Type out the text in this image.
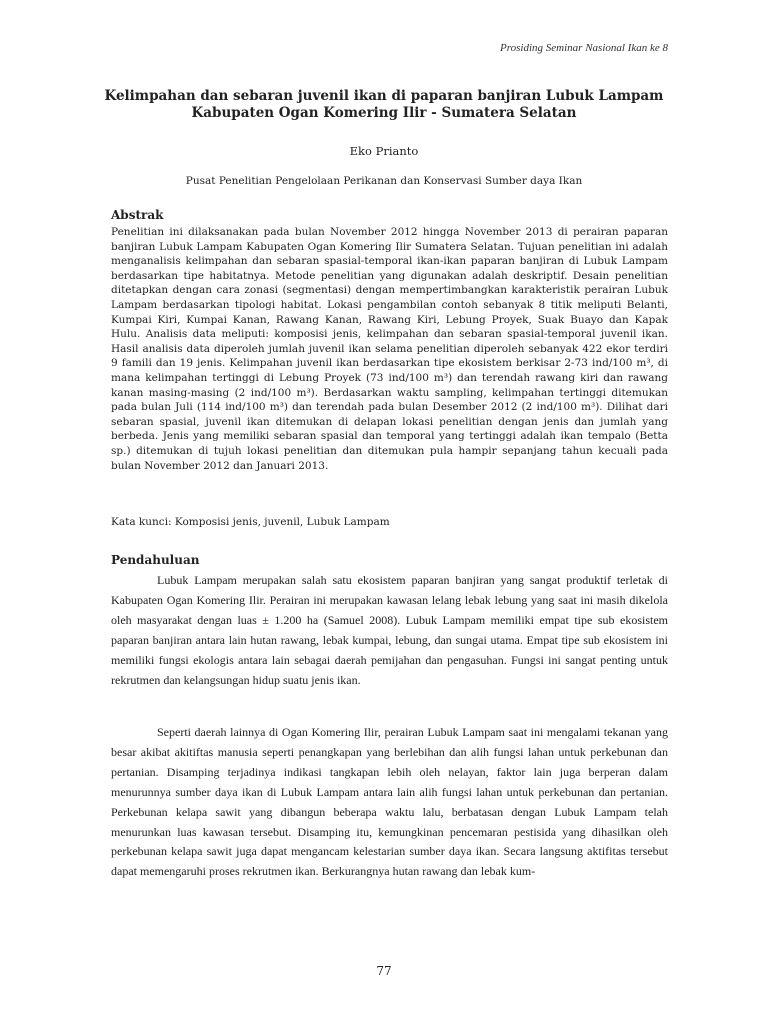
Prosiding Seminar Nasional Ikan ke 8
Kelimpahan dan sebaran juvenil ikan di paparan banjiran Lubuk Lampam
Kabupaten Ogan Komering Ilir - Sumatera Selatan
Eko Prianto
Pusat Penelitian Pengelolaan Perikanan dan Konservasi Sumber daya Ikan
Abstrak

Penelitian ini dilaksanakan pada bulan November 2012 hingga November 2013 di perairan paparan banjiran Lubuk Lampam Kabupaten Ogan Komering Ilir Sumatera Selatan. Tujuan penelitian ini adalah menganalisis kelimpahan dan sebaran spasial-temporal ikan-ikan paparan banjiran di Lubuk Lampam berdasarkan tipe habitatnya. Metode penelitian yang digunakan adalah deskriptif. Desain penelitian ditetapkan dengan cara zonasi (segmentasi) dengan mempertimbangkan karakteristik perairan Lubuk Lampam berdasarkan tipologi habitat. Lokasi pengambilan contoh sebanyak 8 titik meliputi Belanti, Kumpai Kiri, Kumpai Kanan, Rawang Kanan, Rawang Kiri, Lebung Proyek, Suak Buayo dan Kapak Hulu. Analisis data meliputi: komposisi jenis, kelimpahan dan sebaran spasial-temporal juvenil ikan. Hasil analisis data diperoleh jumlah juvenil ikan selama penelitian diperoleh sebanyak 422 ekor terdiri 9 famili dan 19 jenis. Kelimpahan juvenil ikan berdasarkan tipe ekosistem berkisar 2-73 ind/100 m³, di mana kelimpahan tertinggi di Lebung Proyek (73 ind/100 m³) dan terendah rawang kiri dan rawang kanan masing-masing (2 ind/100 m³). Berdasarkan waktu sampling, kelimpahan tertinggi ditemukan pada bulan Juli (114 ind/100 m³) dan terendah pada bulan Desember 2012 (2 ind/100 m³). Dilihat dari sebaran spasial, juvenil ikan ditemukan di delapan lokasi penelitian dengan jenis dan jumlah yang berbeda. Jenis yang memiliki sebaran spasial dan temporal yang tertinggi adalah ikan tempalo (Betta sp.) ditemukan di tujuh lokasi penelitian dan ditemukan pula hampir sepanjang tahun kecuali pada bulan November 2012 dan Januari 2013.

Kata kunci: Komposisi jenis, juvenil, Lubuk Lampam
Pendahuluan

Lubuk Lampam merupakan salah satu ekosistem paparan banjiran yang sangat produktif terletak di Kabupaten Ogan Komering Ilir. Perairan ini merupakan kawasan lelang lebak lebung yang saat ini masih dikelola oleh masyarakat dengan luas ± 1.200 ha (Samuel 2008). Lubuk Lampam memiliki empat tipe sub ekosistem paparan banjiran antara lain hutan rawang, lebak kumpai, lebung, dan sungai utama. Empat tipe sub ekosistem ini memiliki fungsi ekologis antara lain sebagai daerah pemijahan dan pengasuhan. Fungsi ini sangat penting untuk rekrutmen dan kelangsungan hidup suatu jenis ikan.

Seperti daerah lainnya di Ogan Komering Ilir, perairan Lubuk Lampam saat ini mengalami tekanan yang besar akibat akitiftas manusia seperti penangkapan yang berlebihan dan alih fungsi lahan untuk perkebunan dan pertanian. Disamping terjadinya indikasi tangkapan lebih oleh nelayan, faktor lain juga berperan dalam menurunnya sumber daya ikan di Lubuk Lampam antara lain alih fungsi lahan untuk perkebunan dan pertanian. Perkebunan kelapa sawit yang dibangun beberapa waktu lalu, berbatasan dengan Lubuk Lampam telah menurunkan luas kawasan tersebut. Disamping itu, kemungkinan pencemaran pestisida yang dihasilkan oleh perkebunan kelapa sawit juga dapat mengancam kelestarian sumber daya ikan. Secara langsung aktifitas tersebut dapat memengaruhi proses rekrutmen ikan. Berkurangnya hutan rawang dan lebak kum-

77
